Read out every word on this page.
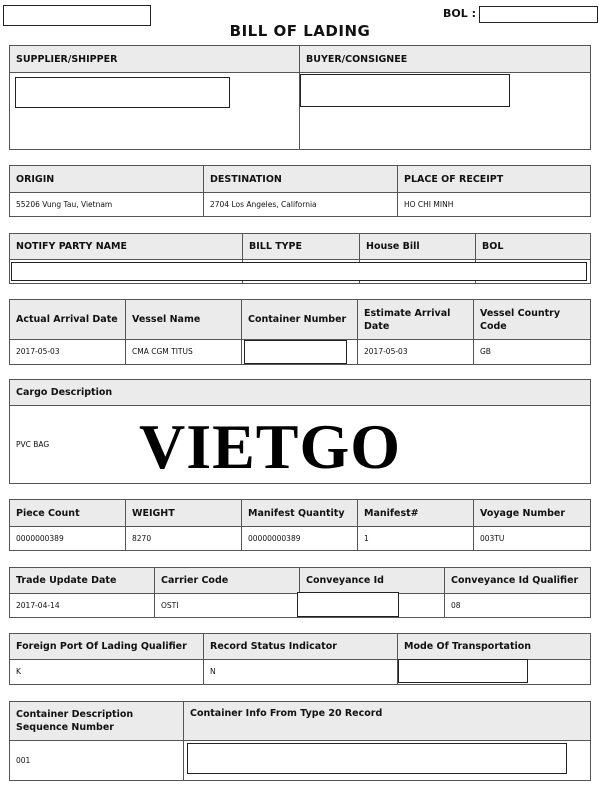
BOL :
BILL OF LADING
SUPPLIER/SHIPPER	BUYER/CONSIGNEE

ORIGIN	DESTINATION	PLACE OF RECEIPT
55206 Vung Tau, Vietnam	2704 Los Angeles, California	HO CHI MINH
NOTIFY PARTY NAME	BILL TYPE	House Bill	BOL

Actual Arrival Date	Vessel Name	Container Number	Estimate Arrival Date	Vessel Country Code
2017-05-03	CMA CGM TITUS		2017-05-03	GB
Cargo Description
PVC BAG	VIETGO
Piece Count	WEIGHT	Manifest Quantity	Manifest#	Voyage Number
0000000389	8270	00000000389	1	003TU
Trade Update Date	Carrier Code	Conveyance Id	Conveyance Id Qualifier
2017-04-14	OSTI		08
Foreign Port Of Lading Qualifier	Record Status Indicator	Mode Of Transportation
K	N	
Container Description Sequence Number	Container Info From Type 20 Record
001	
